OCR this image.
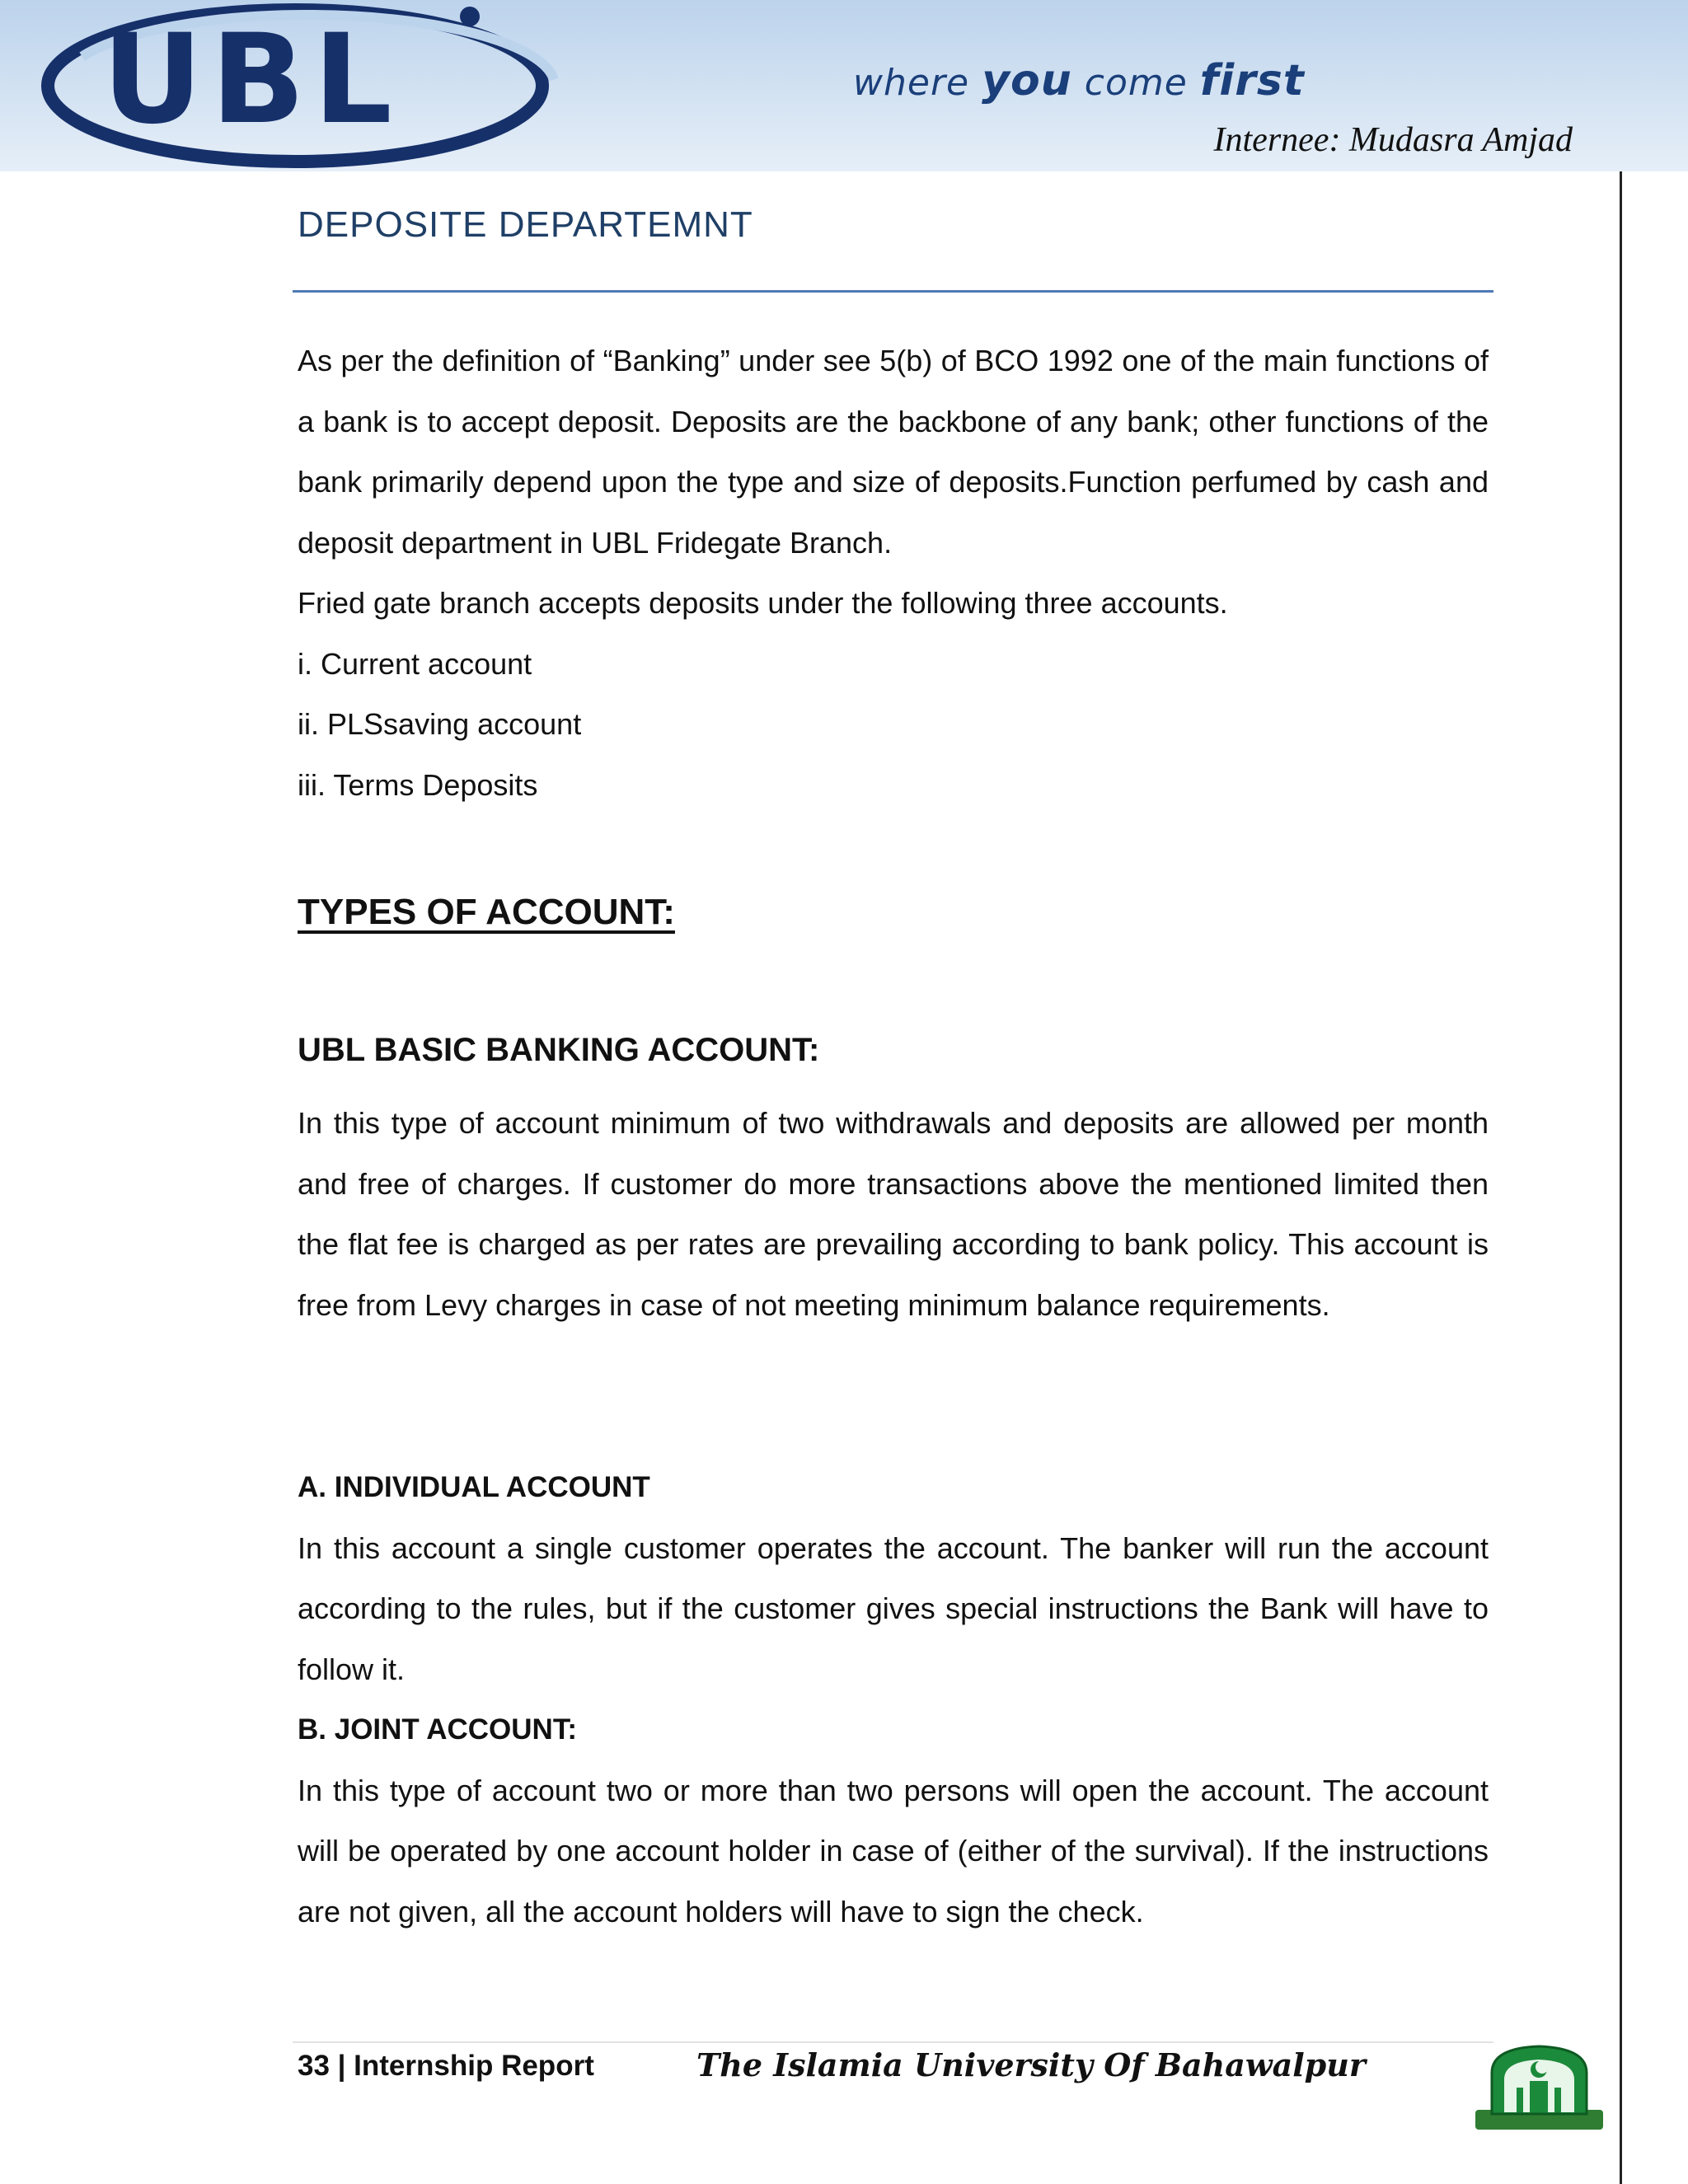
UBL	where you come first
Internee: Mudasra Amjad
DEPOSITE DEPARTEMNT

As per the definition of “Banking” under see 5(b) of BCO 1992 one of the main functions of a bank is to accept deposit. Deposits are the backbone of any bank; other functions of the bank primarily depend upon the type and size of deposits.Function perfumed by cash and deposit department in UBL Fridegate Branch.

Fried gate branch accepts deposits under the following three accounts.

i. Current account

ii. PLSsaving account

iii. Terms Deposits

TYPES OF ACCOUNT:
UBL BASIC BANKING ACCOUNT:

In this type of account minimum of two withdrawals and deposits are allowed per month and free of charges. If customer do more transactions above the mentioned limited then the flat fee is charged as per rates are prevailing according to bank policy. This account is free from Levy charges in case of not meeting minimum balance requirements.

A. INDIVIDUAL ACCOUNT

In this account a single customer operates the account. The banker will run the account according to the rules, but if the customer gives special instructions the Bank will have to follow it.

B. JOINT ACCOUNT:

In this type of account two or more than two persons will open the account. The account will be operated by one account holder in case of (either of the survival). If the instructions are not given, all the account holders will have to sign the check.

33 | Internship Report	The Islamia University Of Bahawalpur
